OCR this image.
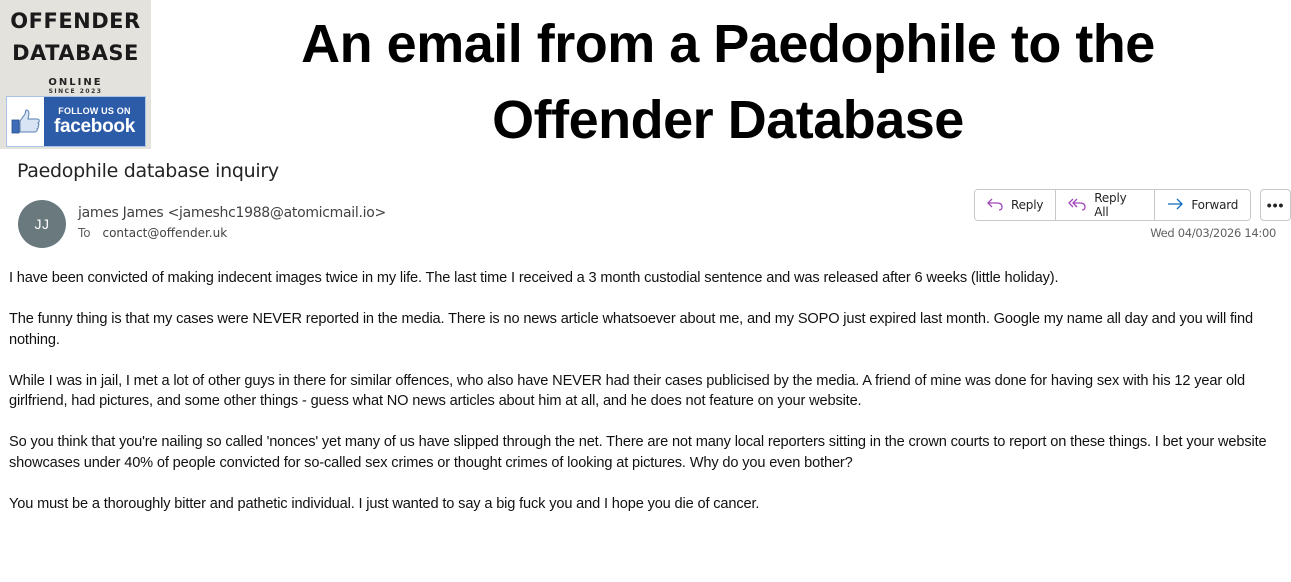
OFFENDER
DATABASE
ONLINE
SINCE 2023
FOLLOW US ON
facebook
An email from a Paedophile to the
Offender Database
Paedophile database inquiry
JJ
james James <jameshc1988@atomicmail.io>
To contact@offender.uk
Reply	Reply All	Forward •••
Wed 04/03/2026 14:00

I have been convicted of making indecent images twice in my life. The last time I received a 3 month custodial sentence and was released after 6 weeks (little holiday).

The funny thing is that my cases were NEVER reported in the media. There is no news article whatsoever about me, and my SOPO just expired last month. Google my name all day and you will find nothing.

While I was in jail, I met a lot of other guys in there for similar offences, who also have NEVER had their cases publicised by the media. A friend of mine was done for having sex with his 12 year old girlfriend, had pictures, and some other things - guess what NO news articles about him at all, and he does not feature on your website.

So you think that you're nailing so called 'nonces' yet many of us have slipped through the net. There are not many local reporters sitting in the crown courts to report on these things. I bet your website showcases under 40% of people convicted for so-called sex crimes or thought crimes of looking at pictures. Why do you even bother?

You must be a thoroughly bitter and pathetic individual. I just wanted to say a big fuck you and I hope you die of cancer.
